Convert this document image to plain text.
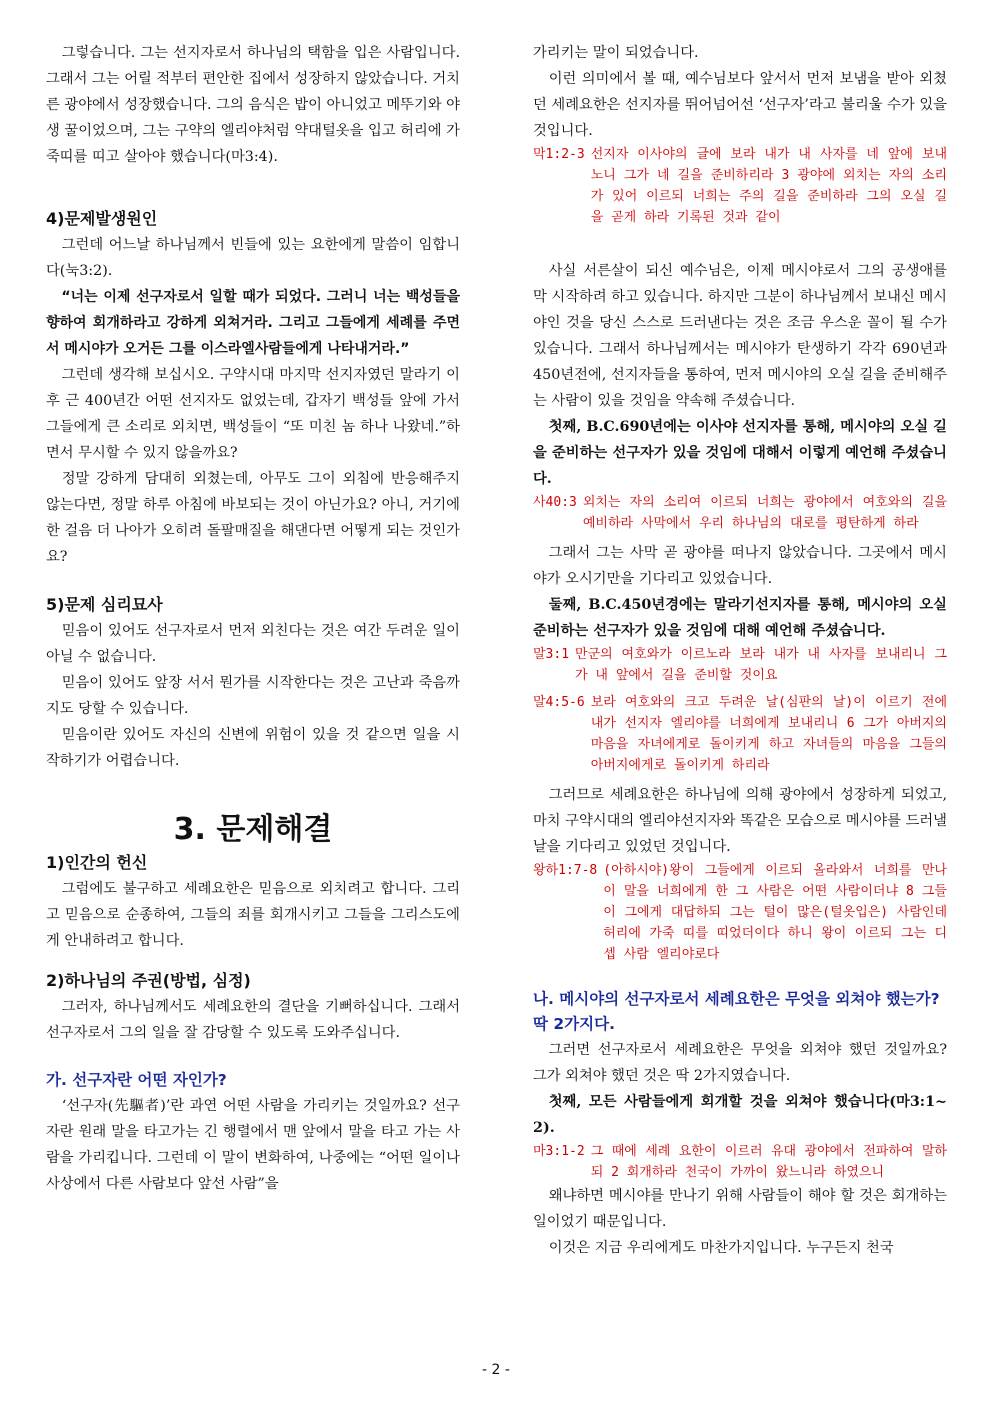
그렇습니다. 그는 선지자로서 하나님의 택함을 입은 사람입니다. 그래서 그는 어릴 적부터 편안한 집에서 성장하지 않았습니다. 거치른 광야에서 성장했습니다. 그의 음식은 밥이 아니었고 메뚜기와 야생 꿀이었으며, 그는 구약의 엘리야처럼 약대털옷을 입고 허리에 가죽띠를 띠고 살아야 했습니다(마3:4).

4)문제발생원인

그런데 어느날 하나님께서 빈들에 있는 요한에게 말씀이 임합니다(눅3:2).

“너는 이제 선구자로서 일할 때가 되었다. 그러니 너는 백성들을 향하여 회개하라고 강하게 외쳐거라. 그리고 그들에게 세례를 주면서 메시야가 오거든 그를 이스라엘사람들에게 나타내거라.”

그런데 생각해 보십시오. 구약시대 마지막 선지자였던 말라기 이후 근 400년간 어떤 선지자도 없었는데, 갑자기 백성들 앞에 가서 그들에게 큰 소리로 외치면, 백성들이 “또 미친 놈 하나 나왔네.”하면서 무시할 수 있지 않을까요?

정말 강하게 담대히 외쳤는데, 아무도 그이 외침에 반응해주지 않는다면, 정말 하루 아침에 바보되는 것이 아닌가요? 아니, 거기에 한 걸음 더 나아가 오히려 돌팔매질을 해댄다면 어떻게 되는 것인가요?

5)문제 심리묘사

믿음이 있어도 선구자로서 먼저 외친다는 것은 여간 두려운 일이 아닐 수 없습니다.

믿음이 있어도 앞장 서서 뭔가를 시작한다는 것은 고난과 죽음까지도 당할 수 있습니다.

믿음이란 있어도 자신의 신변에 위험이 있을 것 같으면 일을 시작하기가 어렵습니다.

3. 문제해결

1)인간의 헌신

그럼에도 불구하고 세례요한은 믿음으로 외치려고 합니다. 그리고 믿음으로 순종하여, 그들의 죄를 회개시키고 그들을 그리스도에게 안내하려고 합니다.

2)하나님의 주권(방법, 심정)

그러자, 하나님께서도 세례요한의 결단을 기뻐하십니다. 그래서 선구자로서 그의 일을 잘 감당할 수 있도록 도와주십니다.

가. 선구자란 어떤 자인가?

‘선구자(先驅者)’란 과연 어떤 사람을 가리키는 것일까요? 선구자란 원래 말을 타고가는 긴 행렬에서 맨 앞에서 말을 타고 가는 사람을 가리킵니다. 그런데 이 말이 변화하여, 나중에는 “어떤 일이나 사상에서 다른 사람보다 앞선 사람”을

가리키는 말이 되었습니다.

이런 의미에서 볼 때, 예수님보다 앞서서 먼저 보냄을 받아 외쳤던 세례요한은 선지자를 뛰어넘어선 ‘선구자’라고 불리울 수가 있을 것입니다.

막1:2-3 선지자 이사야의 글에 보라 내가 내 사자를 네 앞에 보내노니 그가 네 길을 준비하리라 3 광야에 외치는 자의 소리가 있어 이르되 너희는 주의 길을 준비하라 그의 오실 길을 곧게 하라 기록된 것과 같이

사실 서른살이 되신 예수님은, 이제 메시야로서 그의 공생애를 막 시작하려 하고 있습니다. 하지만 그분이 하나님께서 보내신 메시야인 것을 당신 스스로 드러낸다는 것은 조금 우스운 꼴이 될 수가 있습니다. 그래서 하나님께서는 메시야가 탄생하기 각각 690년과 450년전에, 선지자들을 통하여, 먼저 메시야의 오실 길을 준비해주는 사람이 있을 것임을 약속해 주셨습니다.

첫째, B.C.690년에는 이사야 선지자를 통해, 메시야의 오실 길을 준비하는 선구자가 있을 것임에 대해서 이렇게 예언해 주셨습니다.

사40:3 외치는 자의 소리여 이르되 너희는 광야에서 여호와의 길을 예비하라 사막에서 우리 하나님의 대로를 평탄하게 하라

그래서 그는 사막 곧 광야를 떠나지 않았습니다. 그곳에서 메시야가 오시기만을 기다리고 있었습니다.

둘째, B.C.450년경에는 말라기선지자를 통해, 메시야의 오실 준비하는 선구자가 있을 것임에 대해 예언해 주셨습니다.

말3:1 만군의 여호와가 이르노라 보라 내가 내 사자를 보내리니 그가 내 앞에서 길을 준비할 것이요
말4:5-6 보라 여호와의 크고 두려운 날(심판의 날)이 이르기 전에 내가 선지자 엘리야를 너희에게 보내리니 6 그가 아버지의 마음을 자녀에게로 돌이키게 하고 자녀들의 마음을 그들의 아버지에게로 돌이키게 하리라

그러므로 세례요한은 하나님에 의해 광야에서 성장하게 되었고, 마치 구약시대의 엘리야선지자와 똑같은 모습으로 메시야를 드러낼 날을 기다리고 있었던 것입니다.

왕하1:7-8 (아하시야)왕이 그들에게 이르되 올라와서 너희를 만나 이 말을 너희에게 한 그 사람은 어떤 사람이더냐 8 그들이 그에게 대답하되 그는 털이 많은(털옷입은) 사람인데 허리에 가죽 띠를 띠었더이다 하니 왕이 이르되 그는 디셉 사람 엘리야로다

나. 메시야의 선구자로서 세례요한은 무엇을 외쳐야 했는가? 딱 2가지다.

그러면 선구자로서 세례요한은 무엇을 외쳐야 했던 것일까요? 그가 외쳐야 했던 것은 딱 2가지였습니다.

첫째, 모든 사람들에게 회개할 것을 외쳐야 했습니다(마3:1~2).

마3:1-2 그 때에 세례 요한이 이르러 유대 광야에서 전파하여 말하되 2 회개하라 천국이 가까이 왔느니라 하였으니

왜냐하면 메시야를 만나기 위해 사람들이 해야 할 것은 회개하는 일이었기 때문입니다.

이것은 지금 우리에게도 마찬가지입니다. 누구든지 천국

- 2 -
